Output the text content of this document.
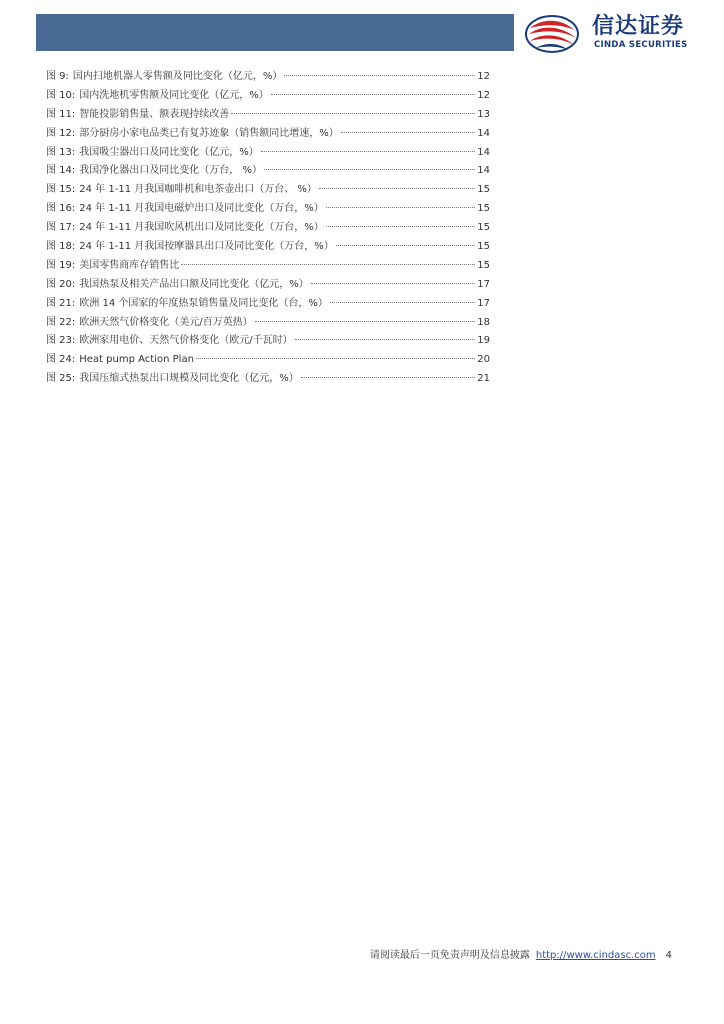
信达证券
CINDA SECURITIES
图 9: 国内扫地机器人零售额及同比变化（亿元，%）	12
图 10: 国内洗地机零售额及同比变化（亿元，%）	12
图 11: 智能投影销售量、额表现持续改善	13
图 12: 部分厨房小家电品类已有复苏迹象（销售额同比增速，%）	14
图 13: 我国吸尘器出口及同比变化（亿元，%）	14
图 14: 我国净化器出口及同比变化（万台， %）	14
图 15: 24 年 1-11 月我国咖啡机和电茶壶出口（万台、 %）	15
图 16: 24 年 1-11 月我国电磁炉出口及同比变化（万台，%）	15
图 17: 24 年 1-11 月我国吹风机出口及同比变化（万台，%）	15
图 18: 24 年 1-11 月我国按摩器具出口及同比变化（万台，%）	15
图 19: 美国零售商库存销售比	15
图 20: 我国热泵及相关产品出口额及同比变化（亿元，%）	17
图 21: 欧洲 14 个国家的年度热泵销售量及同比变化（台，%）	17
图 22: 欧洲天然气价格变化（美元/百万英热）	18
图 23: 欧洲家用电价、天然气价格变化（欧元/千瓦时）	19
图 24: Heat pump Action Plan	20
图 25: 我国压缩式热泵出口规模及同比变化（亿元，%）	21
请阅读最后一页免责声明及信息披露 http://www.cindasc.com 4
